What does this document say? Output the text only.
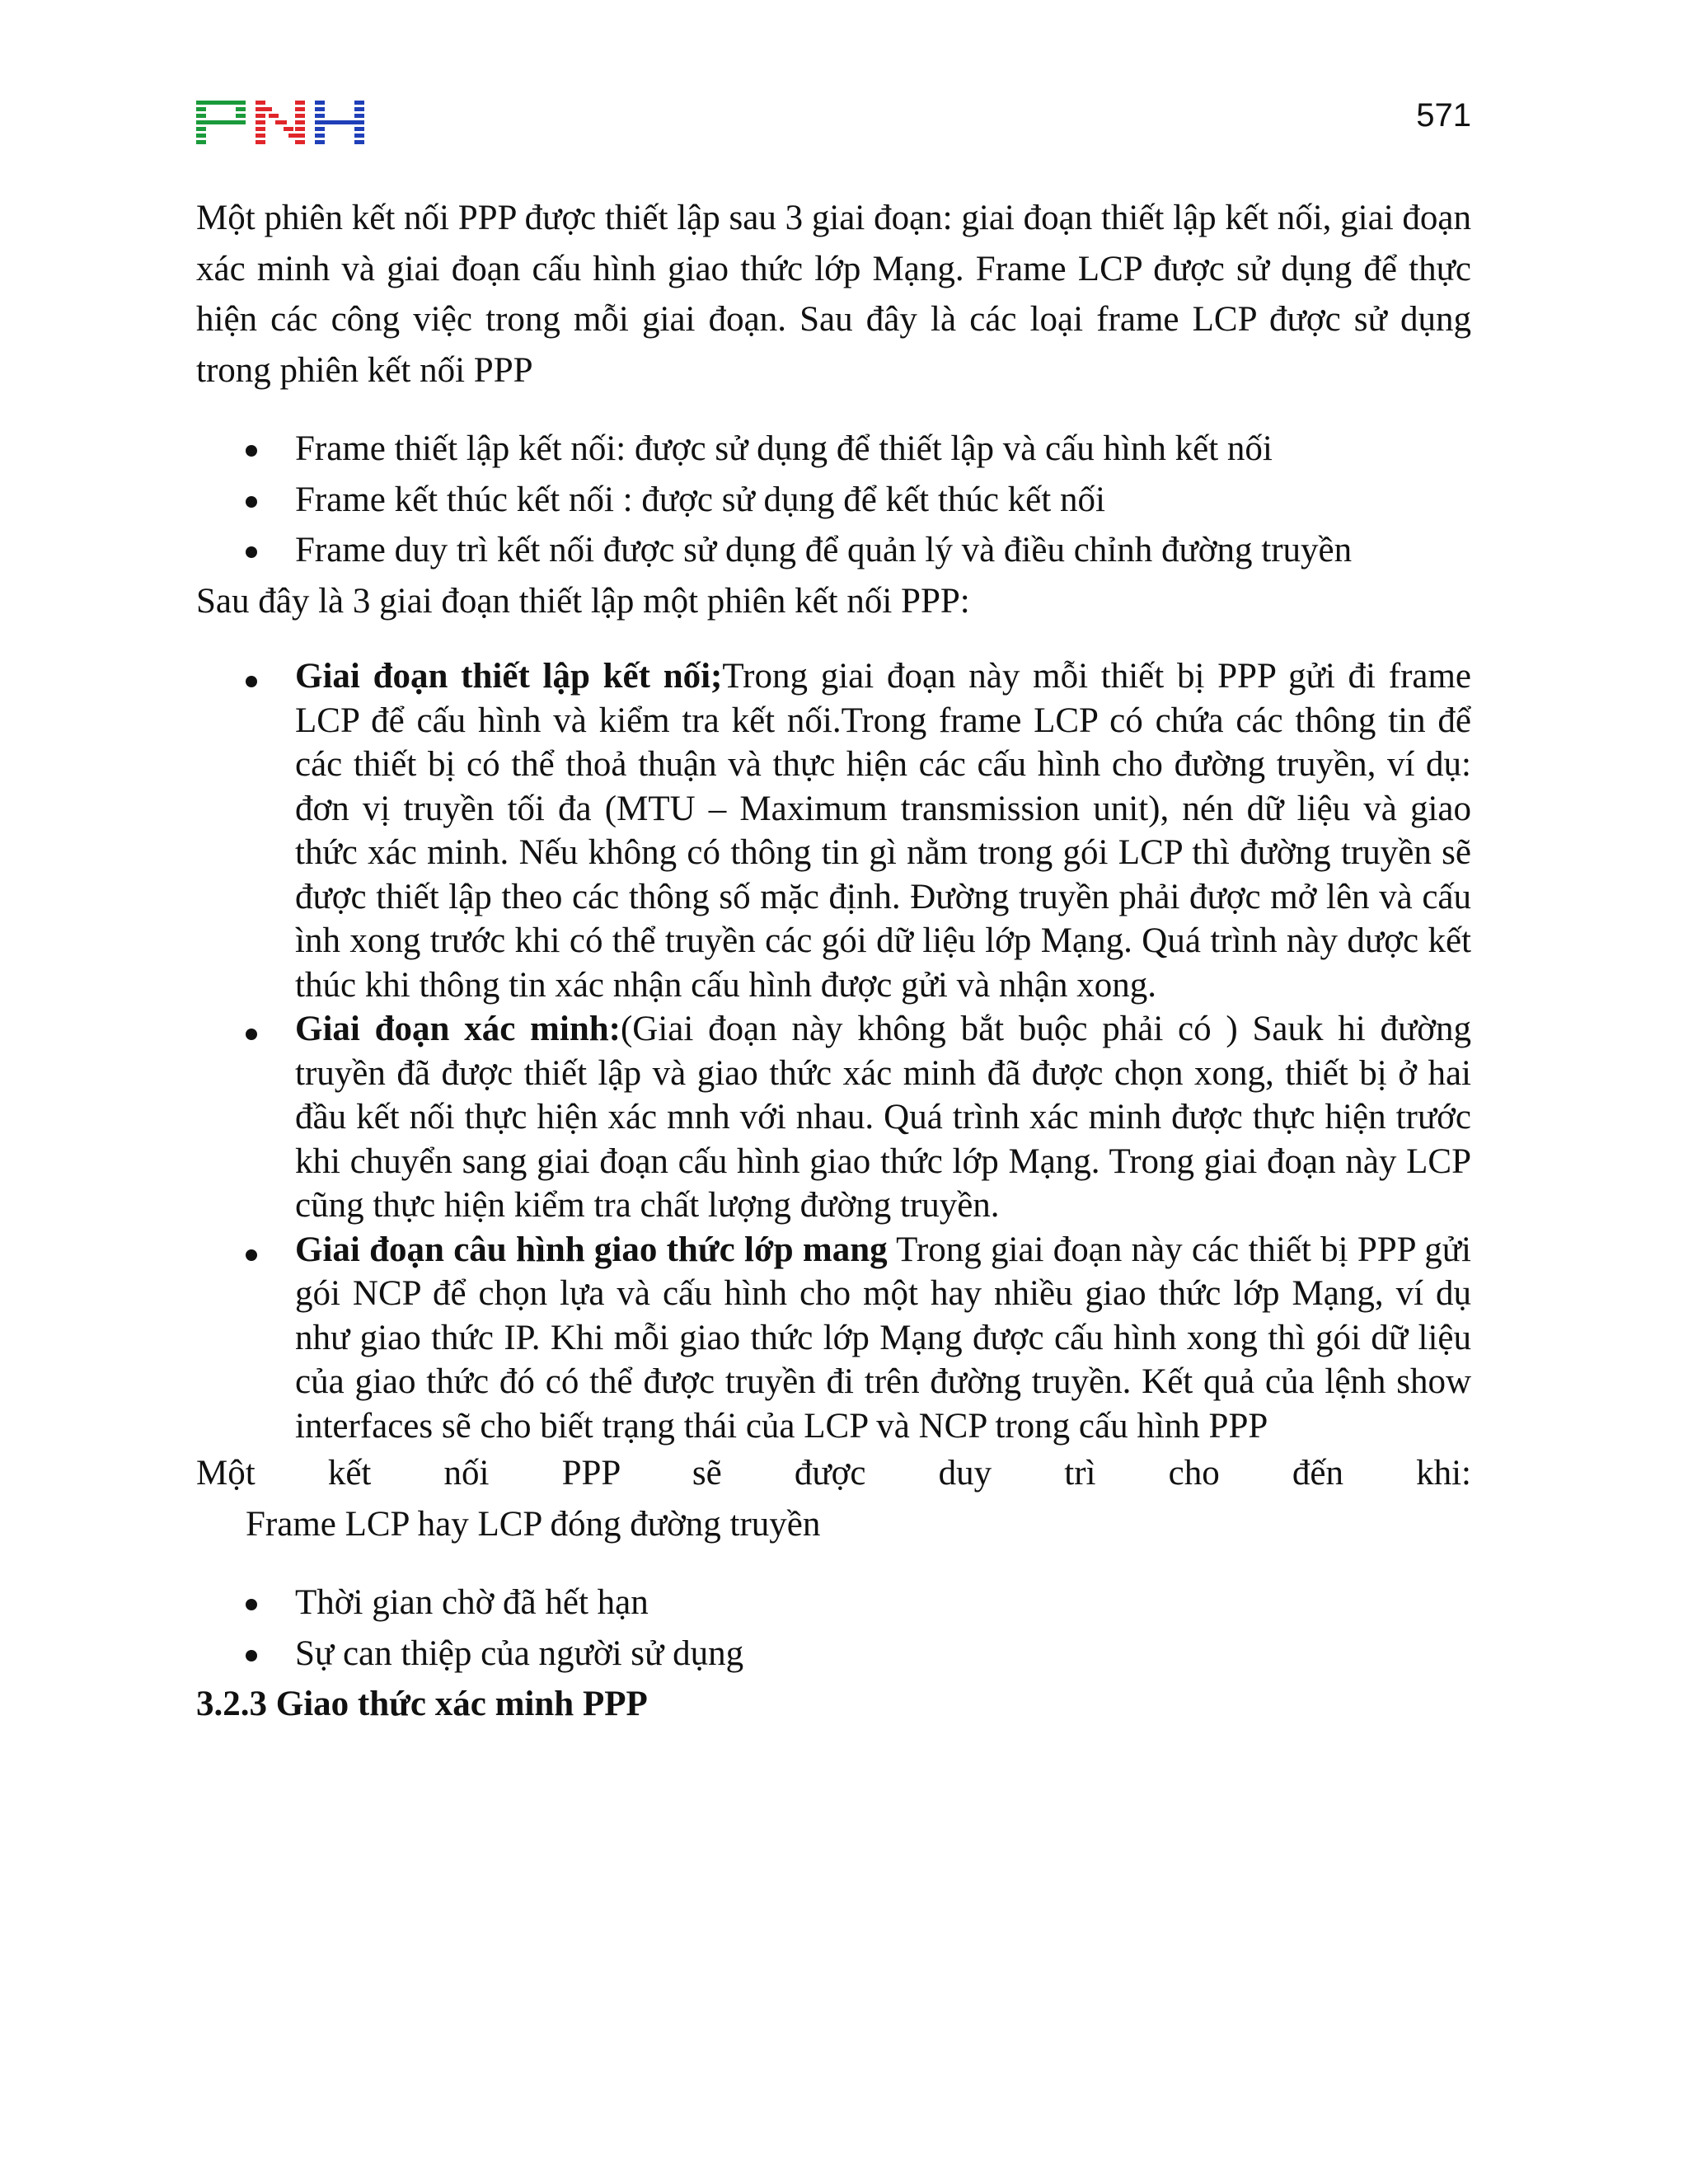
571

Một phiên kết nối PPP được thiết lập sau 3 giai đoạn: giai đoạn thiết lập kết nối, giai đoạn xác minh và giai đoạn cấu hình giao thức lớp Mạng. Frame LCP được sử dụng để thực hiện các công việc trong mỗi giai đoạn. Sau đây là các loại frame LCP được sử dụng trong phiên kết nối PPP

Frame thiết lập kết nối: được sử dụng để thiết lập và cấu hình kết nối
Frame kết thúc kết nối : được sử dụng để kết thúc kết nối
Frame duy trì kết nối được sử dụng để quản lý và điều chỉnh đường truyền

Sau đây là 3 giai đoạn thiết lập một phiên kết nối PPP:

Giai đoạn thiết lập kết nối;Trong giai đoạn này mỗi thiết bị PPP gửi đi frame LCP để cấu hình và kiểm tra kết nối.Trong frame LCP có chứa các thông tin để các thiết bị có thể thoả thuận và thực hiện các cấu hình cho đường truyền, ví dụ: đơn vị truyền tối đa (MTU – Maximum transmission unit), nén dữ liệu và giao thức xác minh. Nếu không có thông tin gì nằm trong gói LCP thì đường truyền sẽ được thiết lập theo các thông số mặc định. Đường truyền phải được mở lên và cấu ình xong trước khi có thể truyền các gói dữ liệu lớp Mạng. Quá trình này dược kết thúc khi thông tin xác nhận cấu hình được gửi và nhận xong.
Giai đoạn xác minh:(Giai đoạn này không bắt buộc phải có ) Sauk hi đường truyền đã được thiết lập và giao thức xác minh đã được chọn xong, thiết bị ở hai đầu kết nối thực hiện xác mnh với nhau. Quá trình xác minh được thực hiện trước khi chuyển sang giai đoạn cấu hình giao thức lớp Mạng. Trong giai đoạn này LCP cũng thực hiện kiểm tra chất lượng đường truyền.
Giai đoạn câu hình giao thức lớp mang Trong giai đoạn này các thiết bị PPP gửi gói NCP để chọn lựa và cấu hình cho một hay nhiều giao thức lớp Mạng, ví dụ như giao thức IP. Khi mỗi giao thức lớp Mạng được cấu hình xong thì gói dữ liệu của giao thức đó có thể được truyền đi trên đường truyền. Kết quả của lệnh show interfaces sẽ cho biết trạng thái của LCP và NCP trong cấu hình PPP

Một kết nối PPP sẽ được duy trì cho đến khi:

Frame LCP hay LCP đóng đường truyền

Thời gian chờ đã hết hạn
Sự can thiệp của người sử dụng
3.2.3 Giao thức xác minh PPP
